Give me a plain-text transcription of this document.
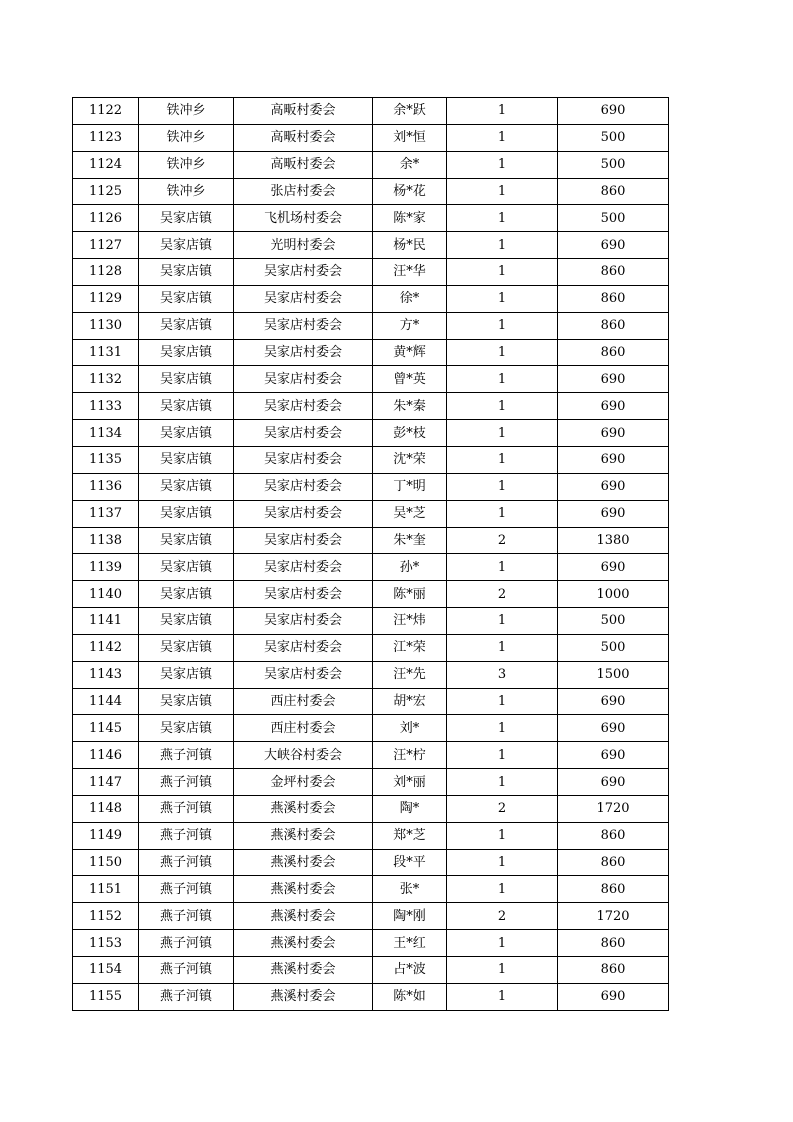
1122	铁冲乡	高畈村委会	余*跃	1	690
1123	铁冲乡	高畈村委会	刘*恒	1	500
1124	铁冲乡	高畈村委会	余*	1	500
1125	铁冲乡	张店村委会	杨*花	1	860
1126	吴家店镇	飞机场村委会	陈*家	1	500
1127	吴家店镇	光明村委会	杨*民	1	690
1128	吴家店镇	吴家店村委会	汪*华	1	860
1129	吴家店镇	吴家店村委会	徐*	1	860
1130	吴家店镇	吴家店村委会	方*	1	860
1131	吴家店镇	吴家店村委会	黄*辉	1	860
1132	吴家店镇	吴家店村委会	曾*英	1	690
1133	吴家店镇	吴家店村委会	朱*秦	1	690
1134	吴家店镇	吴家店村委会	彭*枝	1	690
1135	吴家店镇	吴家店村委会	沈*荣	1	690
1136	吴家店镇	吴家店村委会	丁*明	1	690
1137	吴家店镇	吴家店村委会	吴*芝	1	690
1138	吴家店镇	吴家店村委会	朱*奎	2	1380
1139	吴家店镇	吴家店村委会	孙*	1	690
1140	吴家店镇	吴家店村委会	陈*丽	2	1000
1141	吴家店镇	吴家店村委会	汪*炜	1	500
1142	吴家店镇	吴家店村委会	江*荣	1	500
1143	吴家店镇	吴家店村委会	汪*先	3	1500
1144	吴家店镇	西庄村委会	胡*宏	1	690
1145	吴家店镇	西庄村委会	刘*	1	690
1146	燕子河镇	大峡谷村委会	汪*柠	1	690
1147	燕子河镇	金坪村委会	刘*丽	1	690
1148	燕子河镇	燕溪村委会	陶*	2	1720
1149	燕子河镇	燕溪村委会	郑*芝	1	860
1150	燕子河镇	燕溪村委会	段*平	1	860
1151	燕子河镇	燕溪村委会	张*	1	860
1152	燕子河镇	燕溪村委会	陶*刚	2	1720
1153	燕子河镇	燕溪村委会	王*红	1	860
1154	燕子河镇	燕溪村委会	占*波	1	860
1155	燕子河镇	燕溪村委会	陈*如	1	690
